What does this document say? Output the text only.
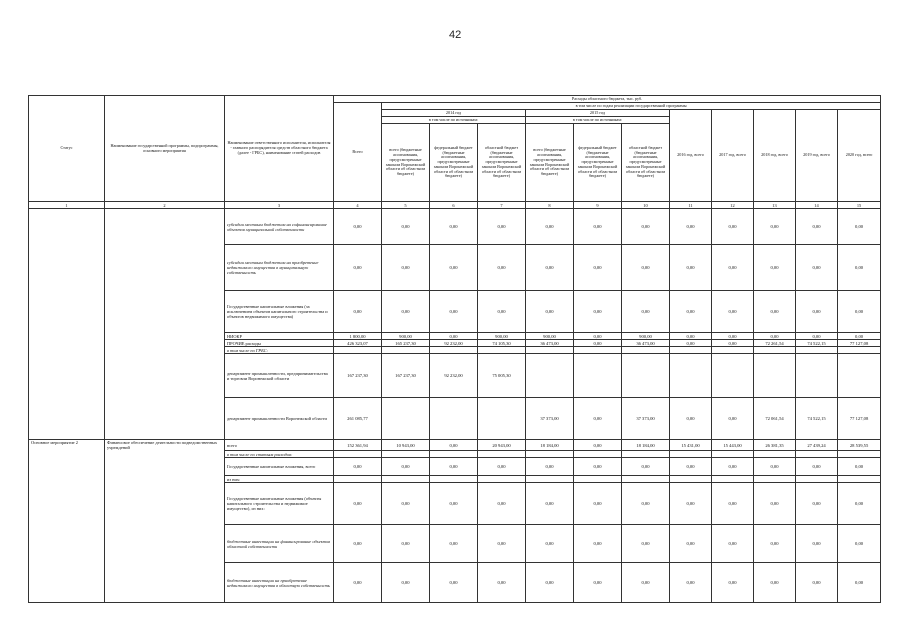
42
Статус	Наименование государственной программы, подпрограммы, основного мероприятия	Наименование ответственного исполнителя, исполнителя - главного распорядителя средств областного бюджета (далее - ГРБС), наименование статей расходов	Расходы областного бюджета, тыс. руб.											
			Всего	в том числе по годам реализации государственной программы										
				2014 год			2015 год			2016 год, всего	2017 год, всего	2018 год, всего	2019 год, всего	2020 год, всего
				в том числе по источникам:			в том числе по источникам:							
				всего (бюджетные ассигнования, предусмотренные законом Воронежской области об областном бюджете)	федеральный бюджет (бюджетные ассигнования, предусмотренные законом Воронежской области об областном бюджете)	областной бюджет (бюджетные ассигнования, предусмотренные законом Воронежской области об областном бюджете)	всего (бюджетные ассигнования, предусмотренные законом Воронежской области об областном бюджете)	федеральный бюджет (бюджетные ассигнования, предусмотренные законом Воронежской области об областном бюджете)	областной бюджет (бюджетные ассигнования, предусмотренные законом Воронежской области об областном бюджете)					
1	2	3	4	5	6	7	8	9	10	11	12	13	14	15
		субсидии местным бюджетам на софинансирование объектов муниципальной собственности	0,00	0,00	0,00	0,00	0,00	0,00	0,00	0,00	0,00	0,00	0,00	0,00
		субсидии местным бюджетам на приобретение недвижимого имущества в муниципальную собственность	0,00	0,00	0,00	0,00	0,00	0,00	0,00	0,00	0,00	0,00	0,00	0,00
		Государственные капитальные вложения (за исключением объектов капитального строительства и объектов недвижимого имущества)	0,00	0,00	0,00	0,00	0,00	0,00	0,00	0,00	0,00	0,00	0,00	0,00
		НИОКР	1 800,00	900,00	0,00	900,00	900,00	0,00	900,00	0,00	0,00	0,00	0,00	0,00
		ПРОЧИЕ расходы	426 323,07	165 237,30	92 232,00	74 105,30	36 473,00	0,00	36 473,00	0,00	0,00	72 261,54	74 522,15	77 127,08
		в том числе по ГРБС:												
		департамент промышленности, предпринимательства и торговли Воронежской области	167 237,30	167 237,30	92 232,00	75 005,30								
		департамент промышленности Воронежской области	261 085,77				37 373,00	0,00	37 373,00	0,00	0,00	72 061,54	74 522,15	77 127,08
Основное мероприятие 2	Финансовое обеспечение деятельности подведомственных учреждений	всего	152 361,94	10 943,00	0,00	20 943,00	18 184,00	0,00	18 184,00	15 431,00	15 443,00	26 381,35	27 439,24	28 539,55
		в том числе по статьям расходов:												
		Государственные капитальные вложения, всего	0,00	0,00	0,00	0,00	0,00	0,00	0,00	0,00	0,00	0,00	0,00	0,00
		из них:												
		Государственные капитальные вложения (объекты капитального строительства и недвижимое имущество), из них:	0,00	0,00	0,00	0,00	0,00	0,00	0,00	0,00	0,00	0,00	0,00	0,00
		бюджетные инвестиции на финансирование объектов областной собственности	0,00	0,00	0,00	0,00	0,00	0,00	0,00	0,00	0,00	0,00	0,00	0,00
		бюджетные инвестиции на приобретение недвижимого имущества в областную собственность	0,00	0,00	0,00	0,00	0,00	0,00	0,00	0,00	0,00	0,00	0,00	0,00
